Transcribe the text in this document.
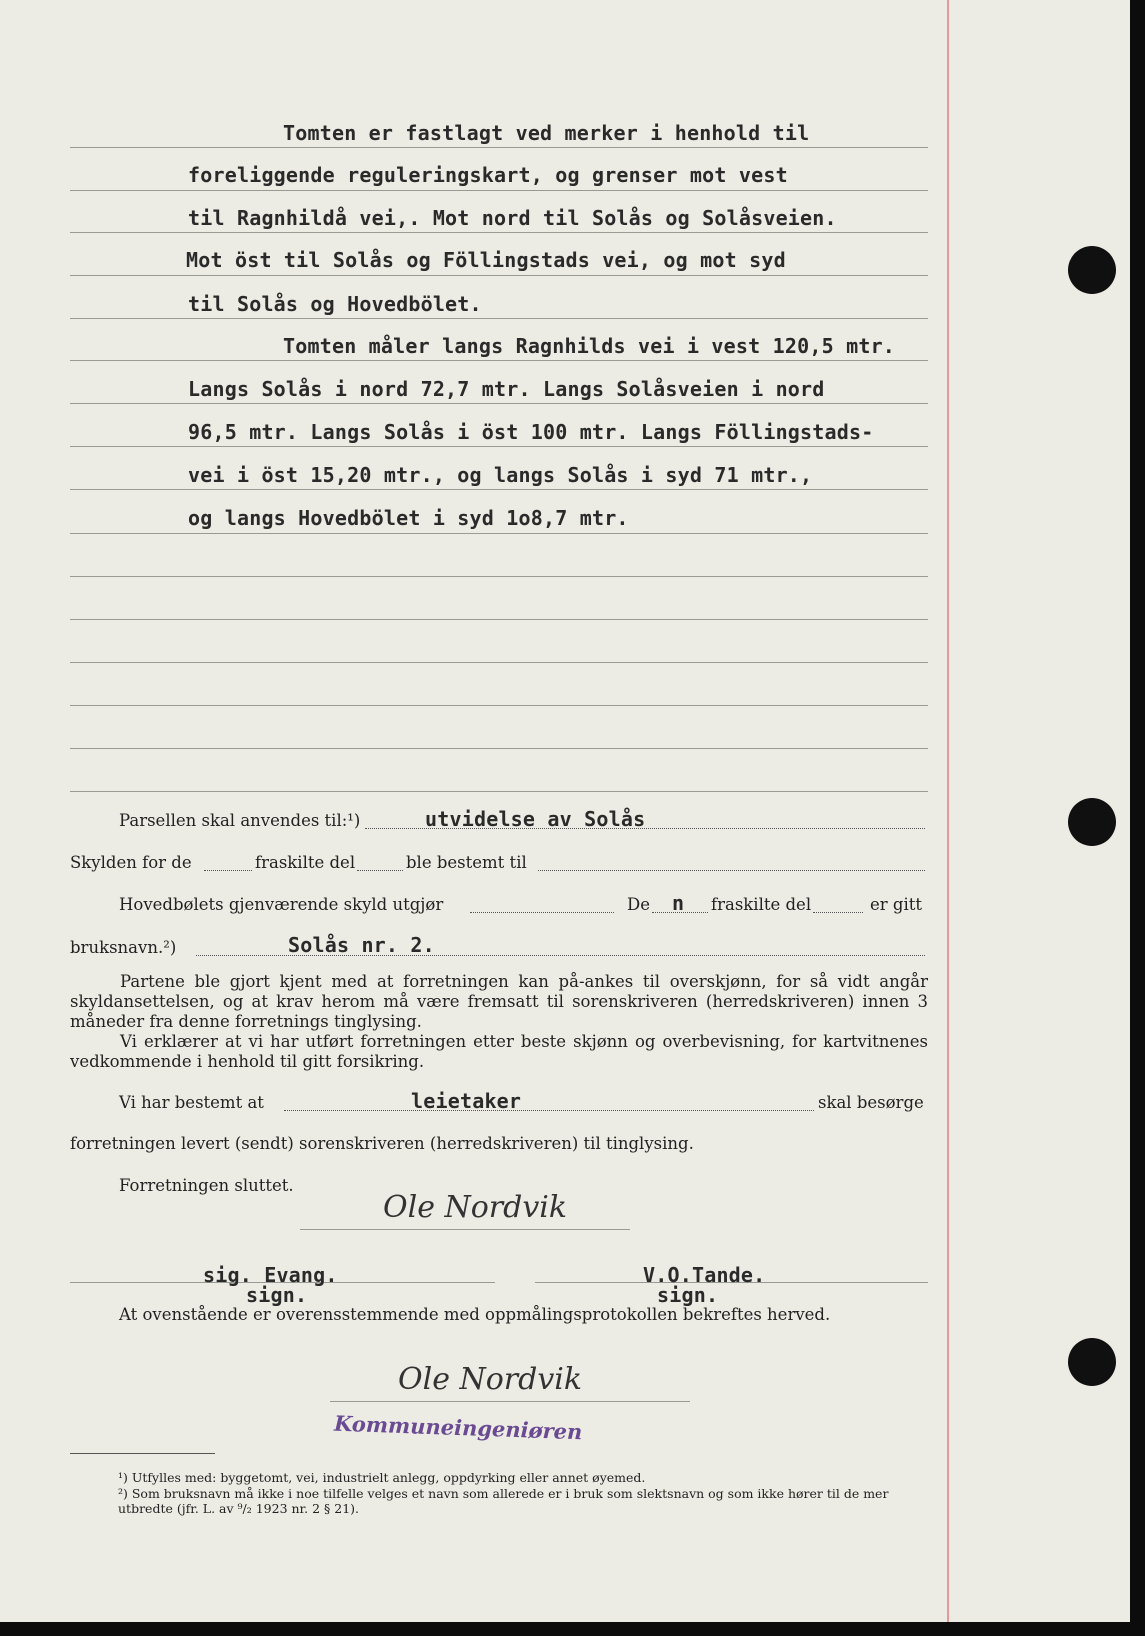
Tomten er fastlagt ved merker i henhold til
foreliggende reguleringskart, og grenser mot vest
til Ragnhildå vei,. Mot nord til Solås og Solåsveien.
Mot öst til Solås og Föllingstads vei, og mot syd
til Solås og Hovedbölet.
Tomten måler langs Ragnhilds vei i vest 120,5 mtr.
Langs Solås i nord 72,7 mtr. Langs Solåsveien i nord
96,5 mtr. Langs Solås i öst 100 mtr. Langs Föllingstads-
vei i öst 15,20 mtr., og langs Solås i syd 71 mtr.,
og langs Hovedbölet i syd 1o8,7 mtr.
Parsellen skal anvendes til:¹)	utvidelse av Solås
Skylden for de	fraskilte del	ble bestemt til
Hovedbølets gjenværende skyld utgjør	De n fraskilte del	er gitt
bruksnavn.²)	Solås nr. 2.
Partene ble gjort kjent med at forretningen kan på-ankes til overskjønn, for så vidt angår skyldansettelsen, og at krav herom må være fremsatt til sorenskriveren (herredskriveren) innen 3 måneder fra denne forretnings tinglysing.
Vi erklærer at vi har utført forretningen etter beste skjønn og overbevisning, for kartvitnenes vedkommende i henhold til gitt forsikring.
Vi har bestemt at	leietaker	skal besørge
forretningen levert (sendt) sorenskriveren (herredskriveren) til tinglysing.
Forretningen sluttet.
Ole Nordvik
sig. Evang.
sign.
V.O.Tande.
sign.
At ovenstående er overensstemmende med oppmålingsprotokollen bekreftes herved.
Ole Nordvik
Kommuneingeniøren
¹) Utfylles med: byggetomt, vei, industrielt anlegg, oppdyrking eller annet øyemed.
²) Som bruksnavn må ikke i noe tilfelle velges et navn som allerede er i bruk som slektsnavn og som ikke hører til de mer utbredte (jfr. L. av ⁹/₂ 1923 nr. 2 § 21).
